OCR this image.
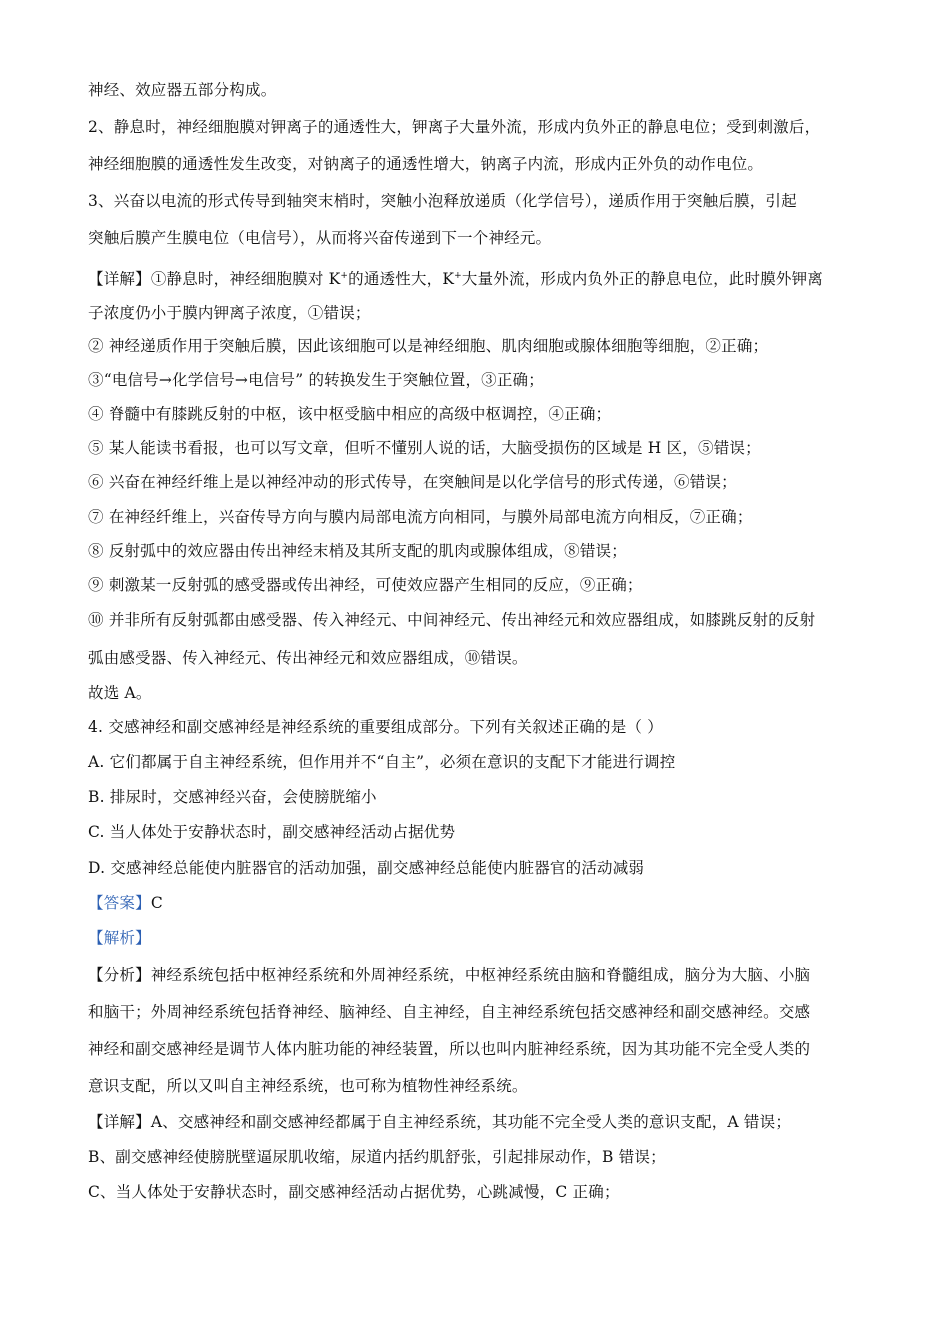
神经、效应器五部分构成。
2、静息时，神经细胞膜对钾离子的通透性大，钾离子大量外流，形成内负外正的静息电位；受到刺激后，
神经细胞膜的通透性发生改变，对钠离子的通透性增大，钠离子内流，形成内正外负的动作电位。
3、兴奋以电流的形式传导到轴突末梢时，突触小泡释放递质（化学信号），递质作用于突触后膜，引起
突触后膜产生膜电位（电信号），从而将兴奋传递到下一个神经元。
【详解】①静息时，神经细胞膜对 K+的通透性大，K+大量外流，形成内负外正的静息电位，此时膜外钾离
子浓度仍小于膜内钾离子浓度，①错误；
② 神经递质作用于突触后膜，因此该细胞可以是神经细胞、肌肉细胞或腺体细胞等细胞，②正确；
③“电信号→化学信号→电信号” 的转换发生于突触位置，③正确；
④ 脊髓中有膝跳反射的中枢，该中枢受脑中相应的高级中枢调控，④正确；
⑤ 某人能读书看报，也可以写文章，但听不懂别人说的话，大脑受损伤的区域是 H 区，⑤错误；
⑥ 兴奋在神经纤维上是以神经冲动的形式传导，在突触间是以化学信号的形式传递，⑥错误；
⑦ 在神经纤维上，兴奋传导方向与膜内局部电流方向相同，与膜外局部电流方向相反，⑦正确；
⑧ 反射弧中的效应器由传出神经末梢及其所支配的肌肉或腺体组成，⑧错误；
⑨ 刺激某一反射弧的感受器或传出神经，可使效应器产生相同的反应，⑨正确；
⑩ 并非所有反射弧都由感受器、传入神经元、中间神经元、传出神经元和效应器组成，如膝跳反射的反射
弧由感受器、传入神经元、传出神经元和效应器组成，⑩错误。
故选 A。
4. 交感神经和副交感神经是神经系统的重要组成部分。下列有关叙述正确的是（ ）
A. 它们都属于自主神经系统，但作用并不“自主”，必须在意识的支配下才能进行调控
B. 排尿时，交感神经兴奋，会使膀胱缩小
C. 当人体处于安静状态时，副交感神经活动占据优势
D. 交感神经总能使内脏器官的活动加强，副交感神经总能使内脏器官的活动减弱
【答案】C
【解析】
【分析】神经系统包括中枢神经系统和外周神经系统，中枢神经系统由脑和脊髓组成，脑分为大脑、小脑
和脑干；外周神经系统包括脊神经、脑神经、自主神经，自主神经系统包括交感神经和副交感神经。交感
神经和副交感神经是调节人体内脏功能的神经装置，所以也叫内脏神经系统，因为其功能不完全受人类的
意识支配，所以又叫自主神经系统，也可称为植物性神经系统。
【详解】A、交感神经和副交感神经都属于自主神经系统，其功能不完全受人类的意识支配，A 错误；
B、副交感神经使膀胱壁逼尿肌收缩，尿道内括约肌舒张，引起排尿动作，B 错误；
C、当人体处于安静状态时，副交感神经活动占据优势，心跳减慢，C 正确；
